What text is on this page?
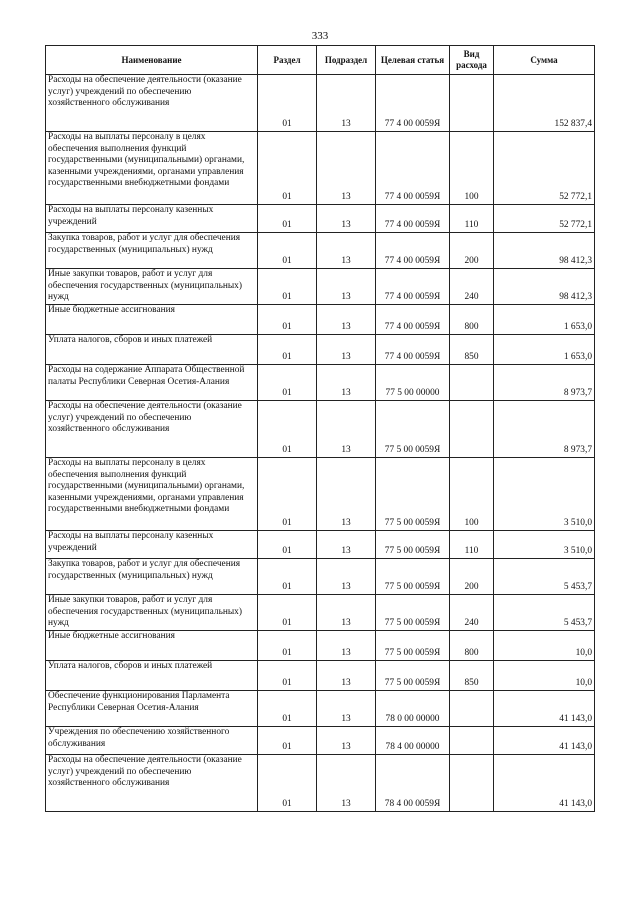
333
Наименование	Раздел	Подраздел	Целевая статья	Вид расхода	Сумма
Расходы на обеспечение деятельности (оказание услуг) учреждений по обеспечению хозяйственного обслуживания	01	13	77 4 00 0059Я		152 837,4
Расходы на выплаты персоналу в целях обеспечения выполнения функций государственными (муниципальными) органами, казенными учреждениями, органами управления государственными внебюджетными фондами	01	13	77 4 00 0059Я	100	52 772,1
Расходы на выплаты персоналу казенных учреждений	01	13	77 4 00 0059Я	110	52 772,1
Закупка товаров, работ и услуг для обеспечения государственных (муниципальных) нужд	01	13	77 4 00 0059Я	200	98 412,3
Иные закупки товаров, работ и услуг для обеспечения государственных (муниципальных) нужд	01	13	77 4 00 0059Я	240	98 412,3
Иные бюджетные ассигнования	01	13	77 4 00 0059Я	800	1 653,0
Уплата налогов, сборов и иных платежей	01	13	77 4 00 0059Я	850	1 653,0
Расходы на содержание Аппарата Общественной палаты Республики Северная Осетия-Алания	01	13	77 5 00 00000		8 973,7
Расходы на обеспечение деятельности (оказание услуг) учреждений по обеспечению хозяйственного обслуживания	01	13	77 5 00 0059Я		8 973,7
Расходы на выплаты персоналу в целях обеспечения выполнения функций государственными (муниципальными) органами, казенными учреждениями, органами управления государственными внебюджетными фондами	01	13	77 5 00 0059Я	100	3 510,0
Расходы на выплаты персоналу казенных учреждений	01	13	77 5 00 0059Я	110	3 510,0
Закупка товаров, работ и услуг для обеспечения государственных (муниципальных) нужд	01	13	77 5 00 0059Я	200	5 453,7
Иные закупки товаров, работ и услуг для обеспечения государственных (муниципальных) нужд	01	13	77 5 00 0059Я	240	5 453,7
Иные бюджетные ассигнования	01	13	77 5 00 0059Я	800	10,0
Уплата налогов, сборов и иных платежей	01	13	77 5 00 0059Я	850	10,0
Обеспечение функционирования Парламента Республики Северная Осетия-Алания	01	13	78 0 00 00000		41 143,0
Учреждения по обеспечению хозяйственного обслуживания	01	13	78 4 00 00000		41 143,0
Расходы на обеспечение деятельности (оказание услуг) учреждений по обеспечению хозяйственного обслуживания	01	13	78 4 00 0059Я		41 143,0
